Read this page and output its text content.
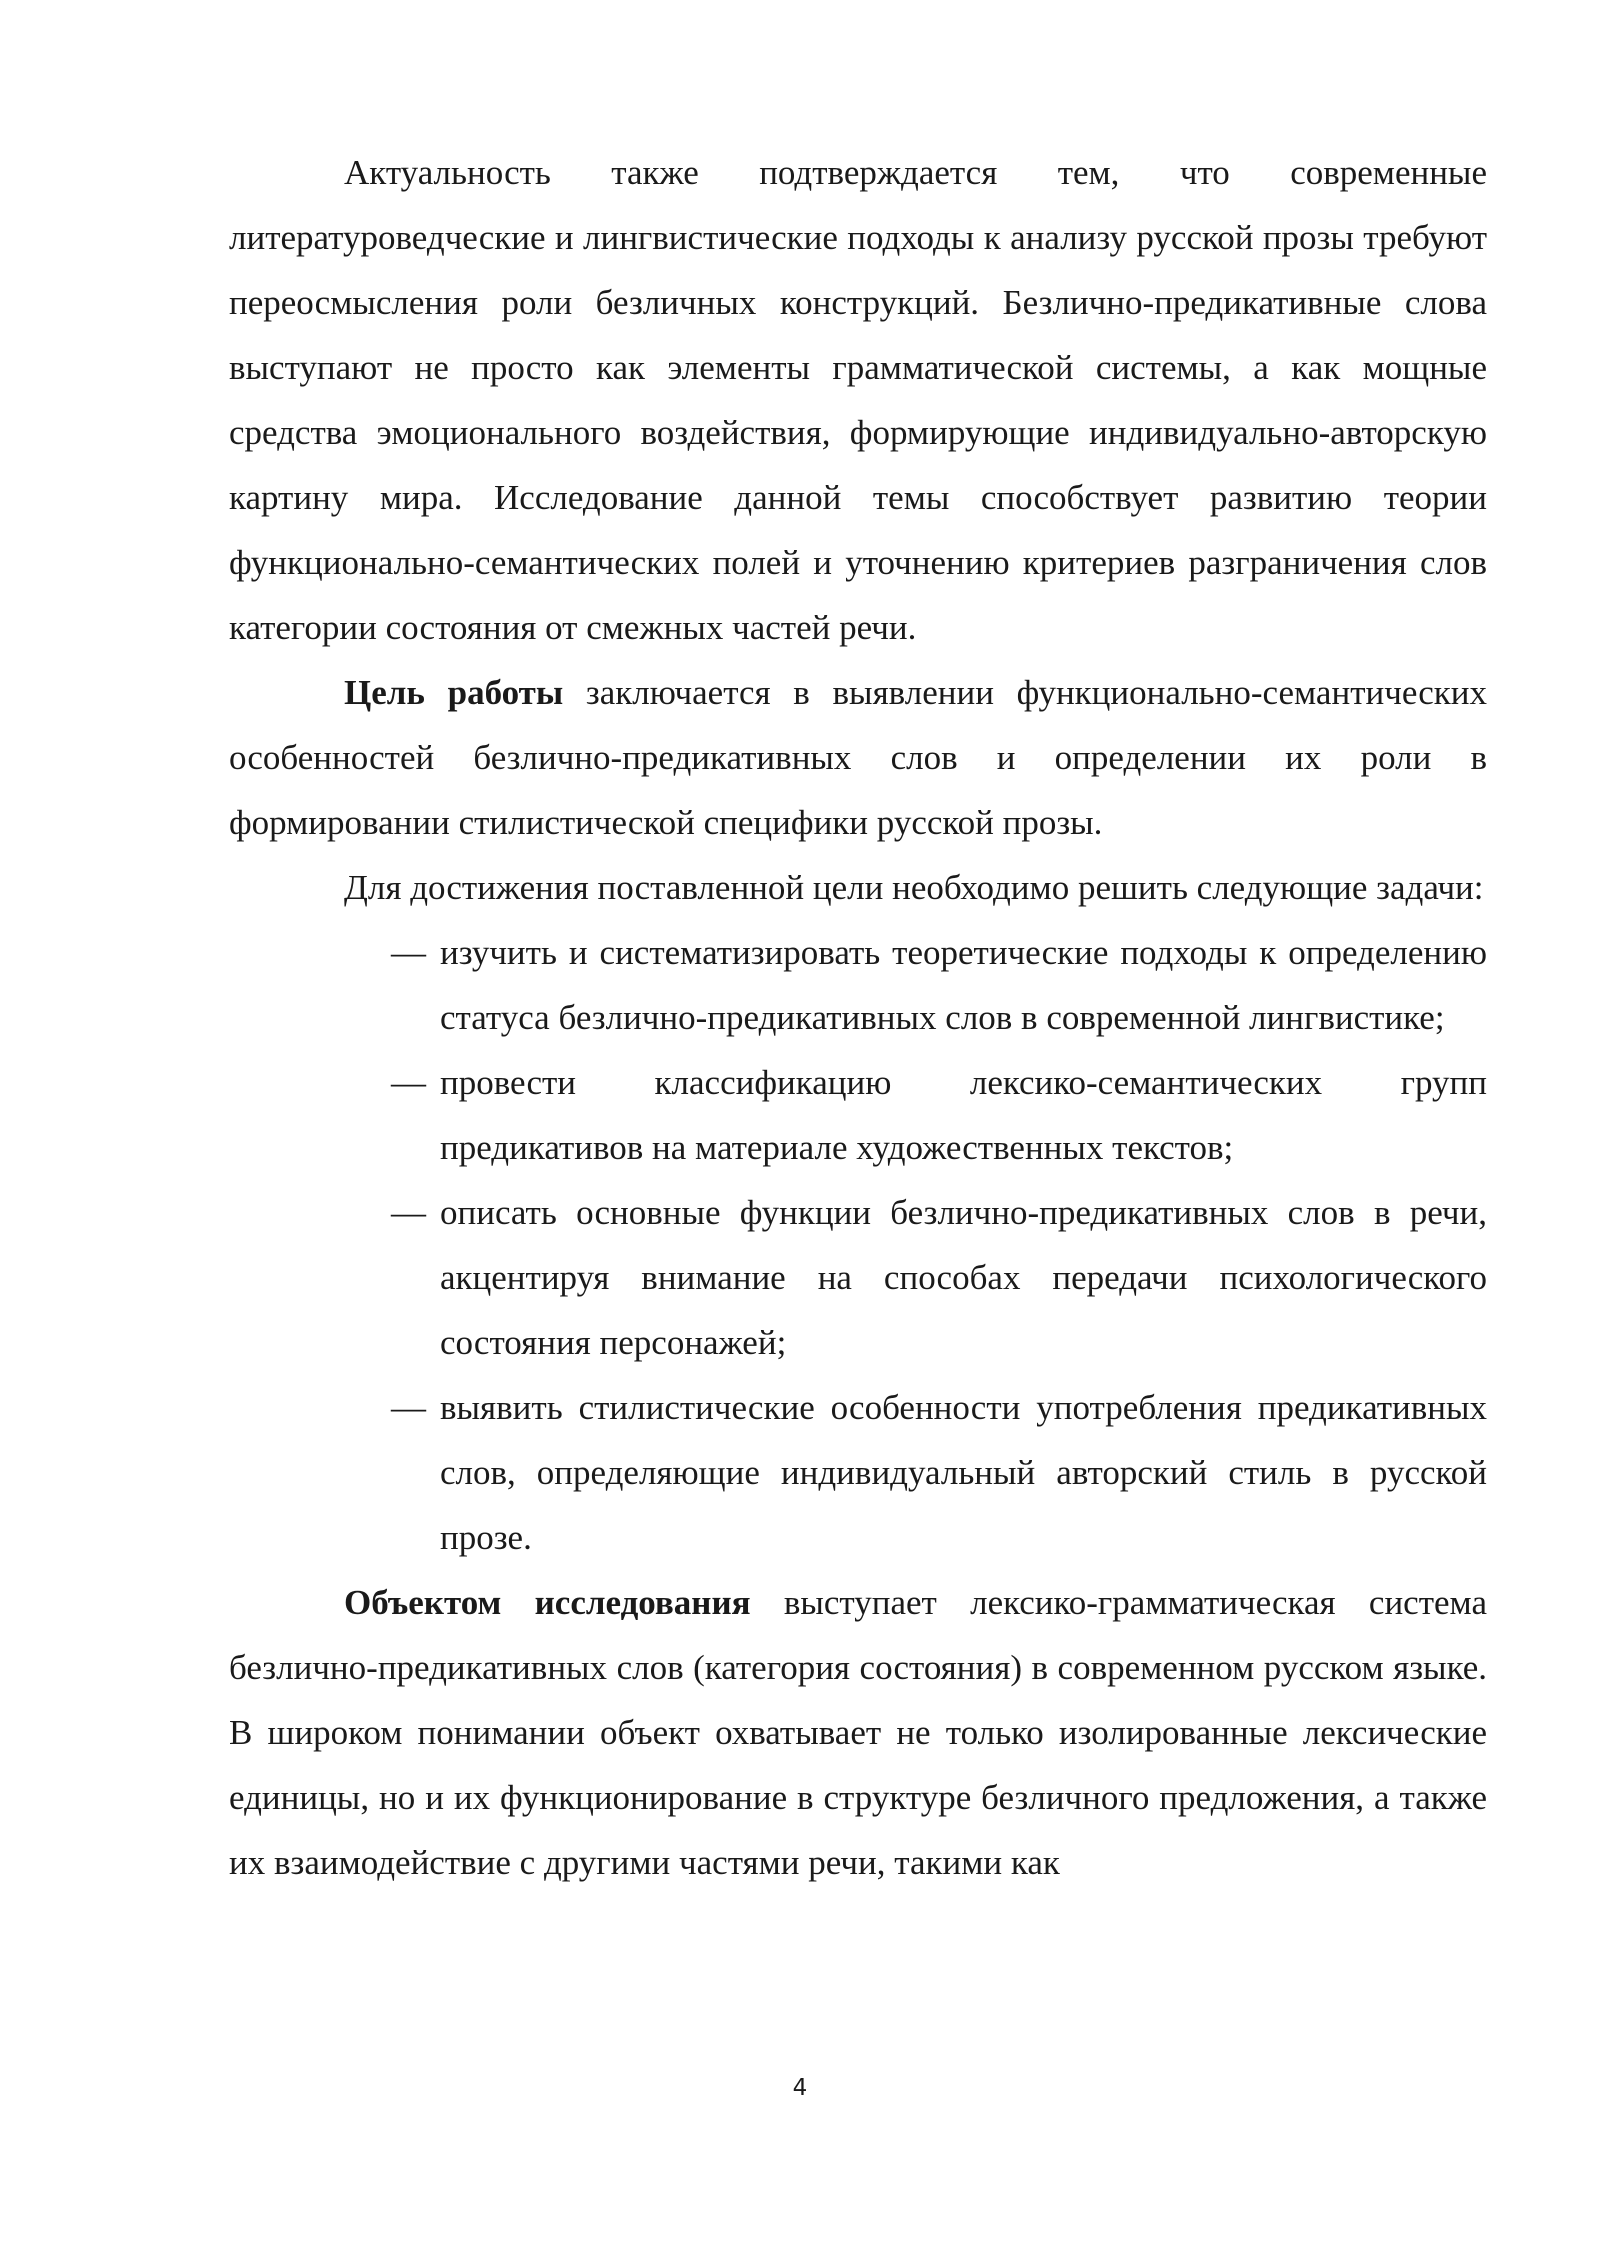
Актуальность также подтверждается тем, что современные литературоведческие и лингвистические подходы к анализу русской прозы требуют переосмысления роли безличных конструкций. Безлично-предикативные слова выступают не просто как элементы грамматической системы, а как мощные средства эмоционального воздействия, формирующие индивидуально-авторскую картину мира. Исследование данной темы способствует развитию теории функционально-семантических полей и уточнению критериев разграничения слов категории состояния от смежных частей речи.

Цель работы заключается в выявлении функционально-семантических особенностей безлично-предикативных слов и определении их роли в формировании стилистической специфики русской прозы.

Для достижения поставленной цели необходимо решить следующие задачи:

— изучить и систематизировать теоретические подходы к определению статуса безлично-предикативных слов в современной лингвистике;
— провести классификацию лексико-семантических групп предикативов на материале художественных текстов;
— описать основные функции безлично-предикативных слов в речи, акцентируя внимание на способах передачи психологического состояния персонажей;
— выявить стилистические особенности употребления предикативных слов, определяющие индивидуальный авторский стиль в русской прозе.

Объектом исследования выступает лексико-грамматическая система безлично-предикативных слов (категория состояния) в современном русском языке. В широком понимании объект охватывает не только изолированные лексические единицы, но и их функционирование в структуре безличного предложения, а также их взаимодействие с другими частями речи, такими как

4
